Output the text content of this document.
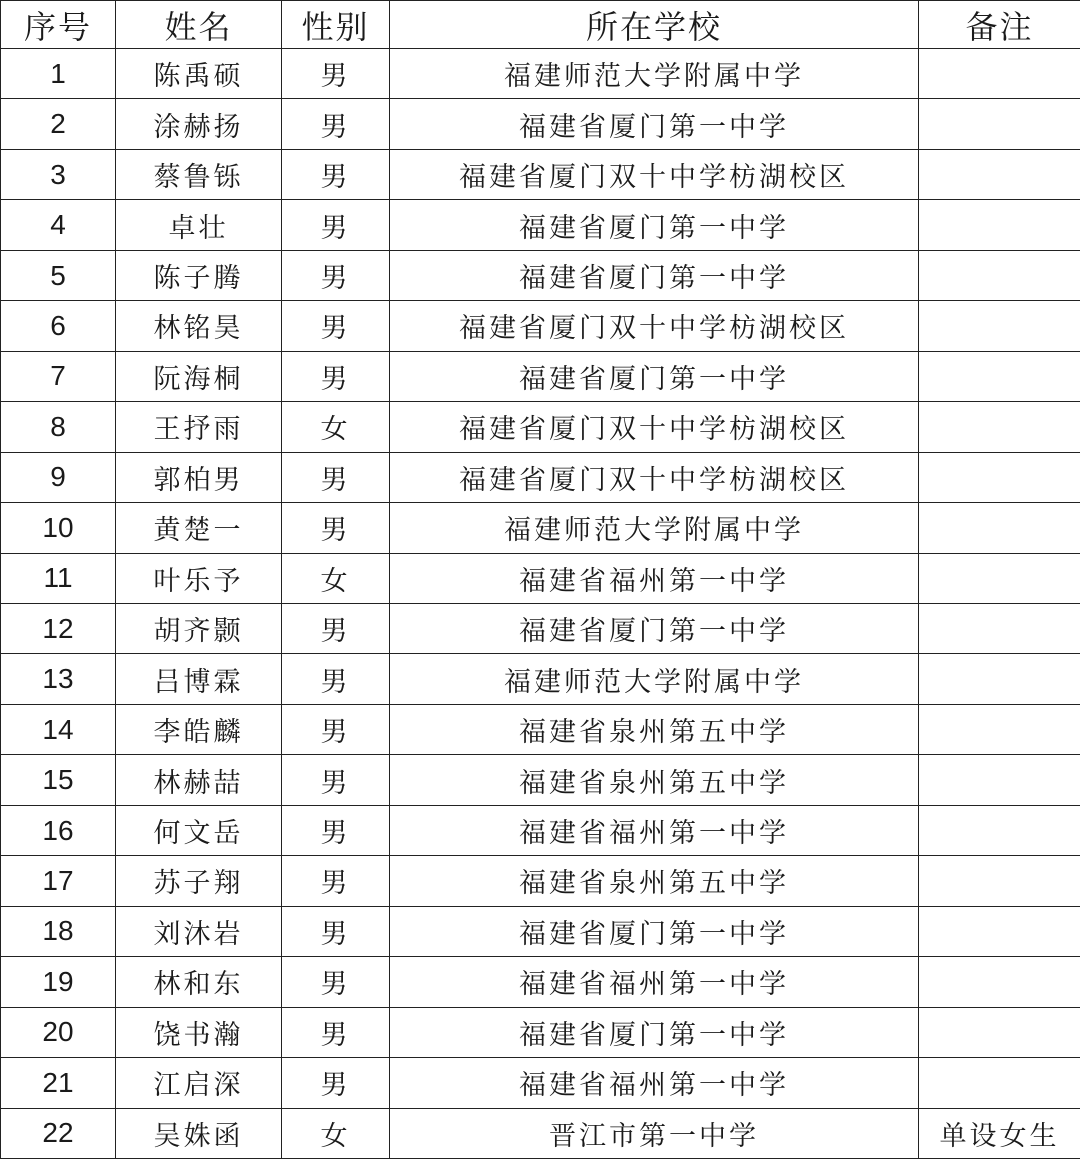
序号	姓名	性别	所在学校	备注
1	陈禹硕	男	福建师范大学附属中学	
2	涂赫扬	男	福建省厦门第一中学	
3	蔡鲁铄	男	福建省厦门双十中学枋湖校区	
4	卓壮	男	福建省厦门第一中学	
5	陈子腾	男	福建省厦门第一中学	
6	林铭昊	男	福建省厦门双十中学枋湖校区	
7	阮海桐	男	福建省厦门第一中学	
8	王抒雨	女	福建省厦门双十中学枋湖校区	
9	郭柏男	男	福建省厦门双十中学枋湖校区	
10	黄楚一	男	福建师范大学附属中学	
11	叶乐予	女	福建省福州第一中学	
12	胡齐颢	男	福建省厦门第一中学	
13	吕博霖	男	福建师范大学附属中学	
14	李皓麟	男	福建省泉州第五中学	
15	林赫喆	男	福建省泉州第五中学	
16	何文岳	男	福建省福州第一中学	
17	苏子翔	男	福建省泉州第五中学	
18	刘沐岩	男	福建省厦门第一中学	
19	林和东	男	福建省福州第一中学	
20	饶书瀚	男	福建省厦门第一中学	
21	江启深	男	福建省福州第一中学	
22	吴姝函	女	晋江市第一中学	单设女生
